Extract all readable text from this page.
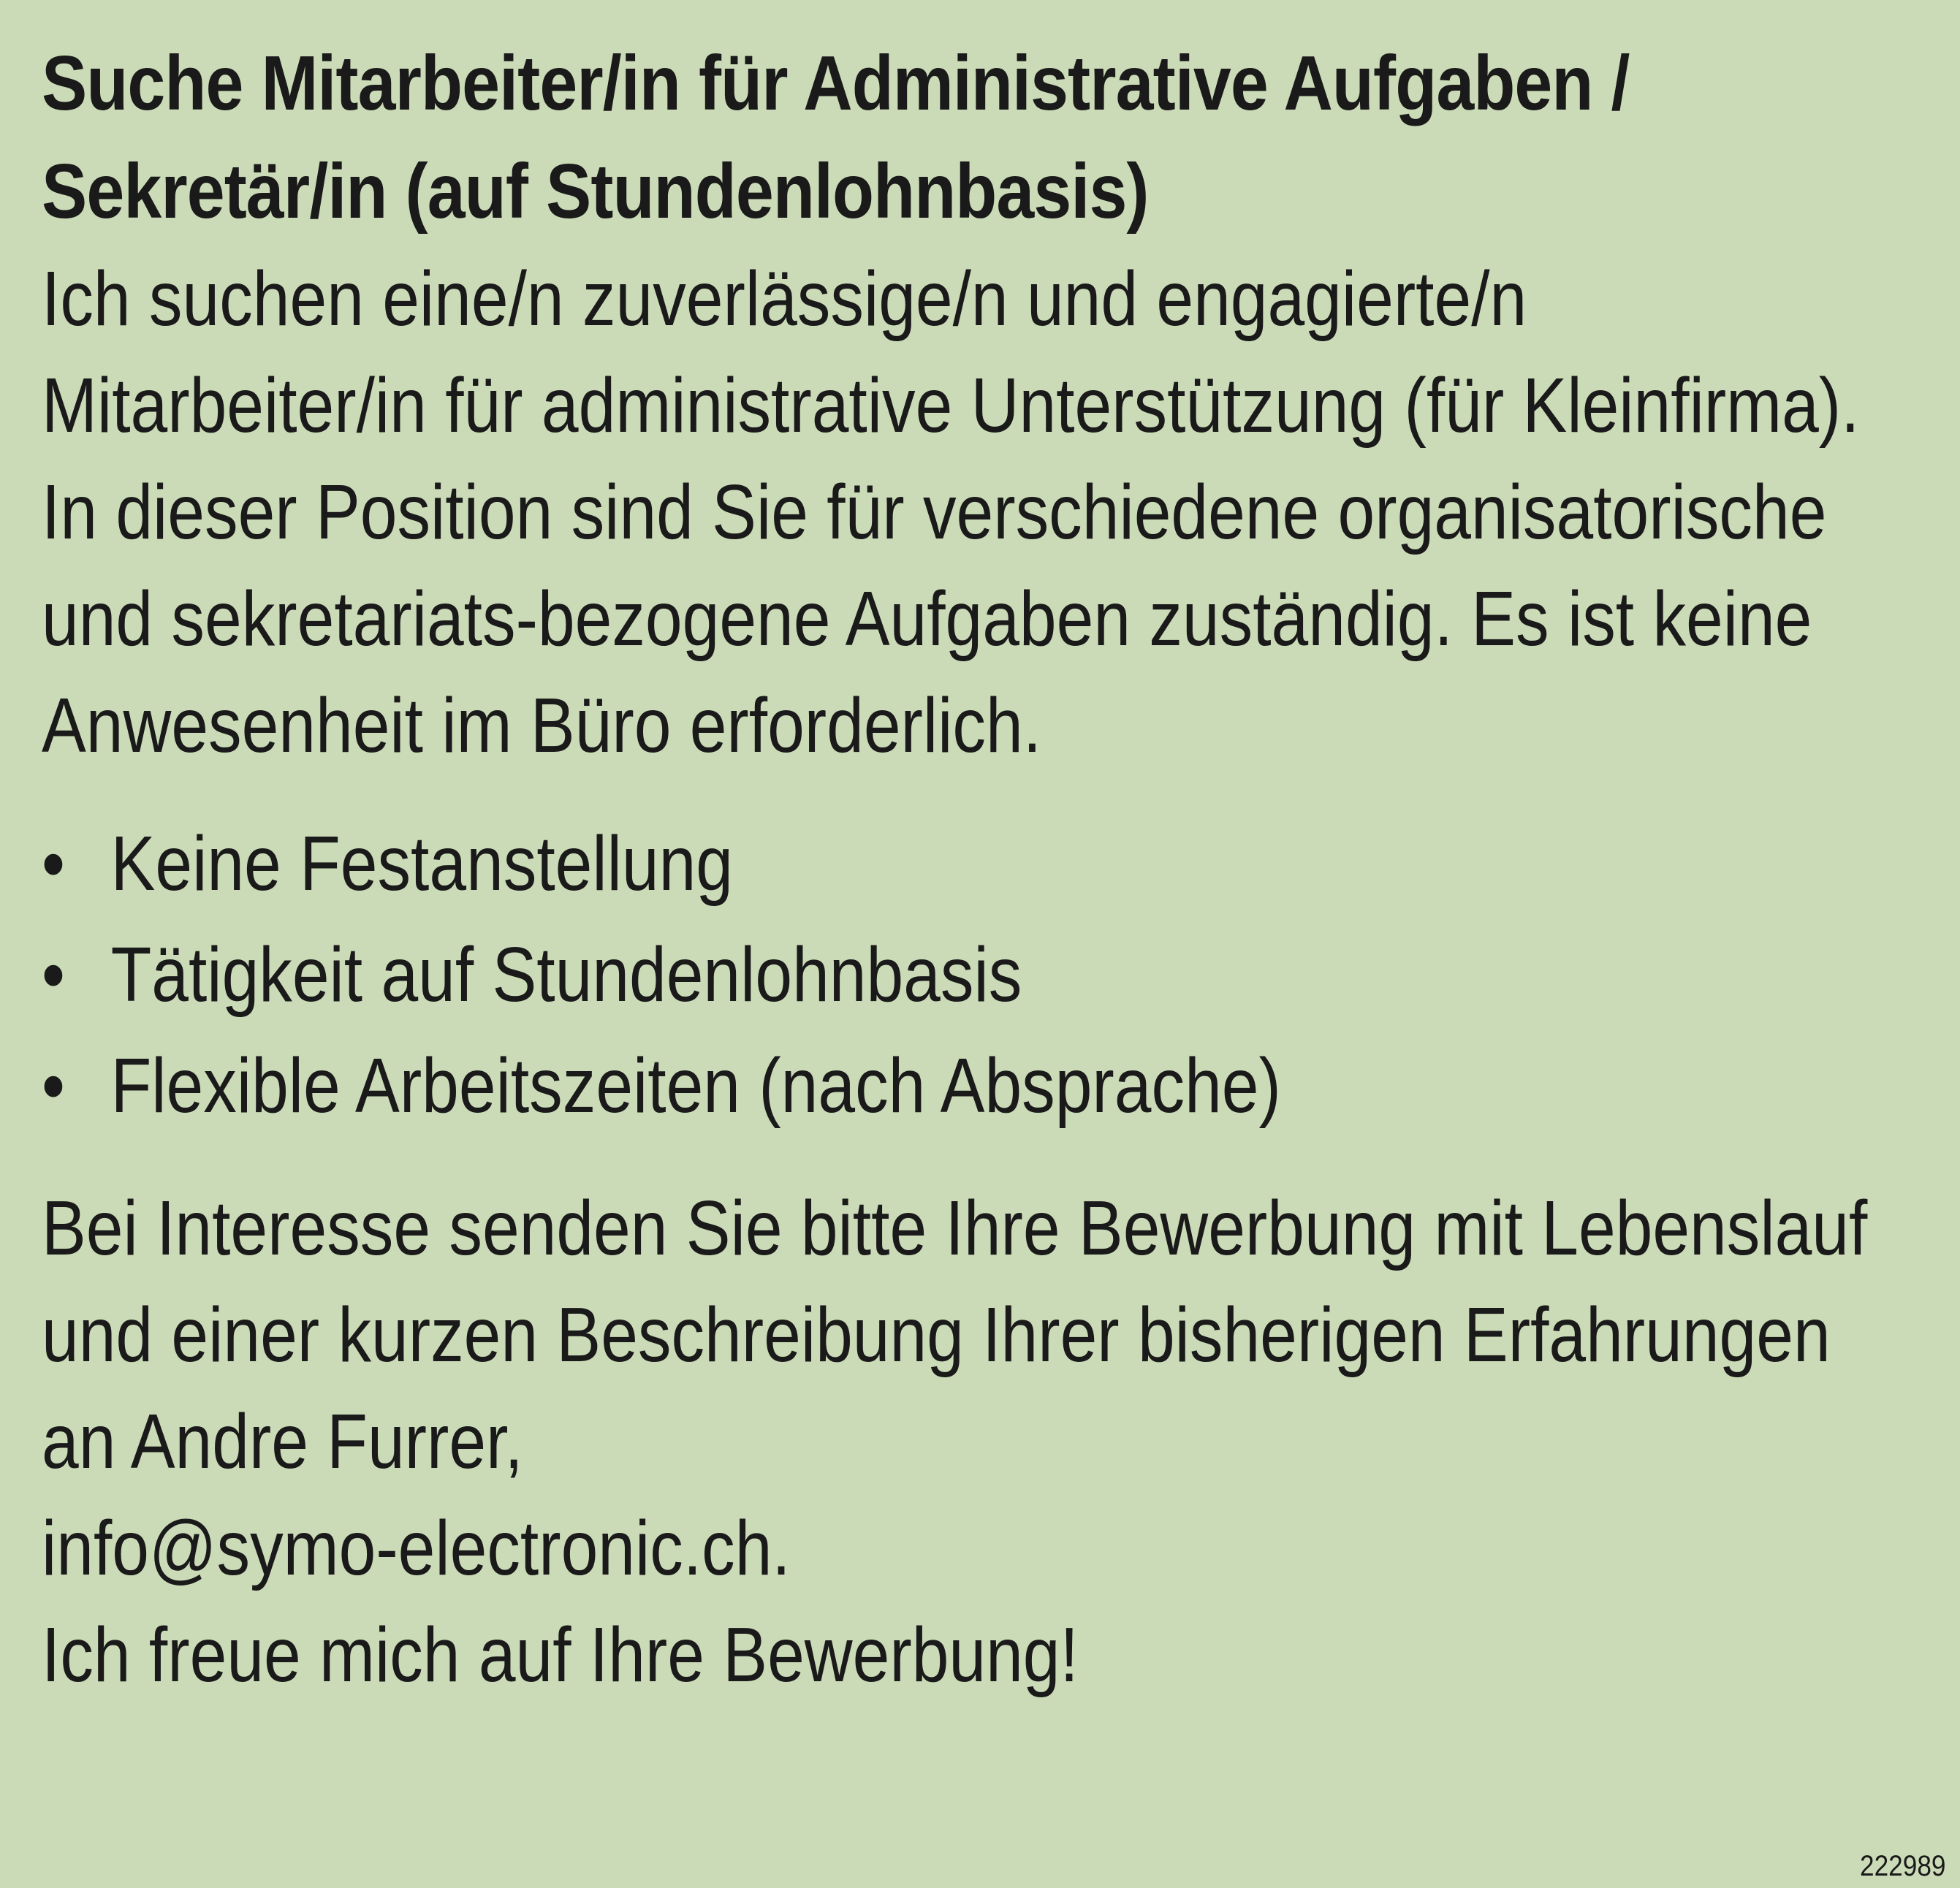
Suche Mitarbeiter/in für Administrative Aufgaben / Sekretär/in (auf Stundenlohnbasis)

Ich suchen eine/n zuverlässige/n und engagierte/n Mitarbeiter/in für administrative Unterstützung (für Kleinfirma). In dieser Position sind Sie für verschiedene organisatorische und sekretariats-bezogene Aufgaben zuständig. Es ist keine Anwesenheit im Büro erforderlich.

• Keine Festanstellung
• Tätigkeit auf Stundenlohnbasis
• Flexible Arbeitszeiten (nach Absprache)

Bei Interesse senden Sie bitte Ihre Bewerbung mit Lebenslauf und einer kurzen Beschreibung Ihrer bisherigen Erfahrungen an Andre Furrer,
info@symo-electronic.ch.
Ich freue mich auf Ihre Bewerbung!

222989
